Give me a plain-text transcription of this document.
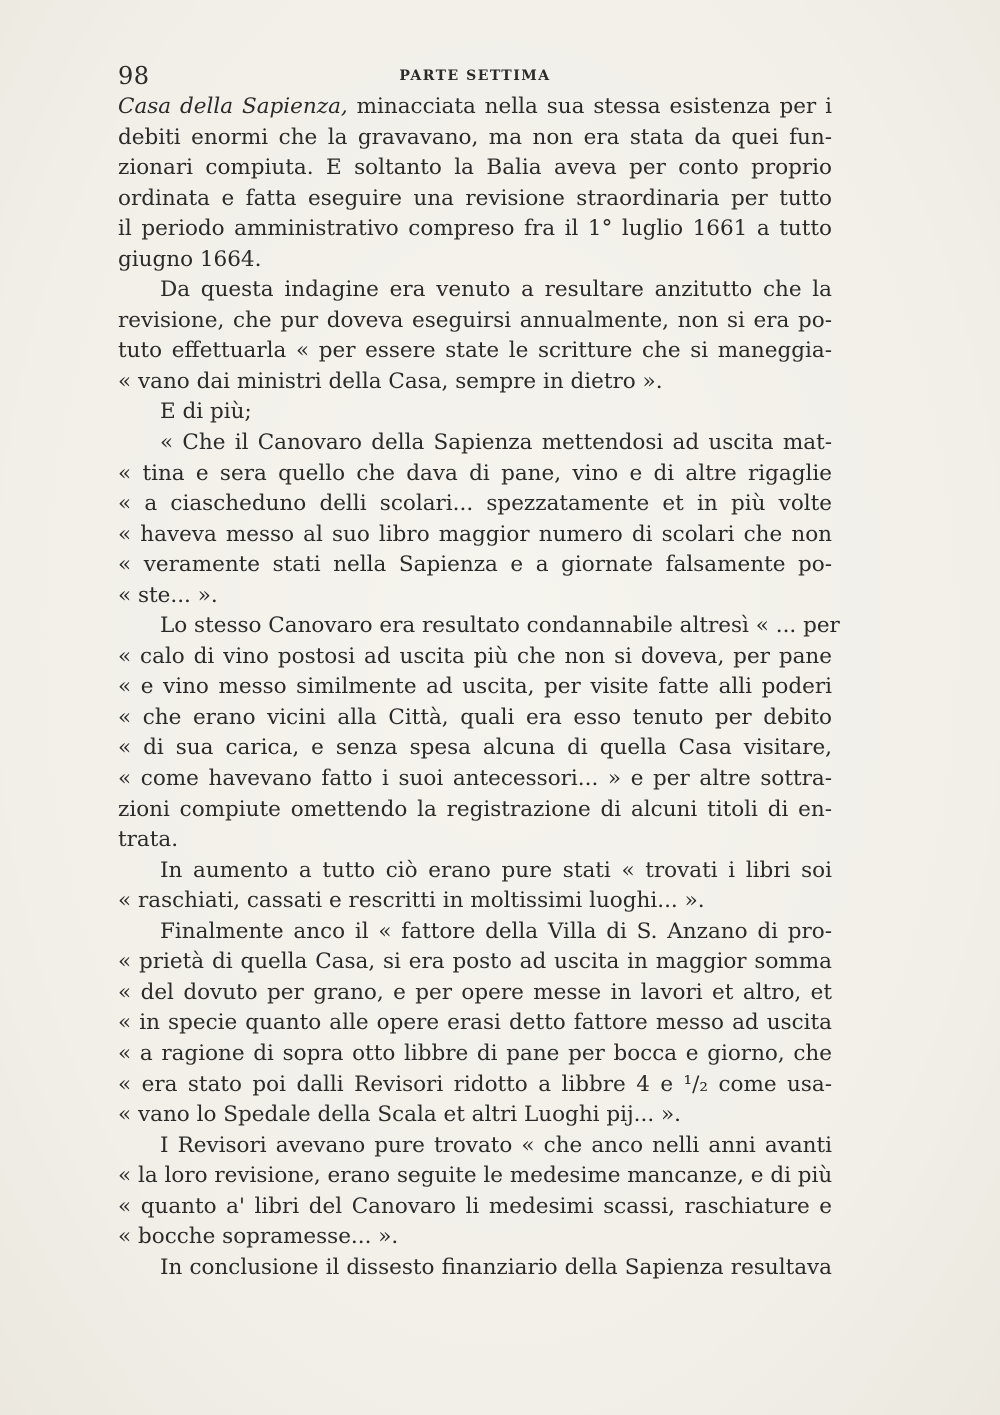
98	PARTE SETTIMA
Casa della Sapienza, minacciata nella sua stessa esistenza per i
debiti enormi che la gravavano, ma non era stata da quei fun-
zionari compiuta. E soltanto la Balia aveva per conto proprio
ordinata e fatta eseguire una revisione straordinaria per tutto
il periodo amministrativo compreso fra il 1° luglio 1661 a tutto
giugno 1664.
Da questa indagine era venuto a resultare anzitutto che la
revisione, che pur doveva eseguirsi annualmente, non si era po-
tuto effettuarla « per essere state le scritture che si maneggia-
« vano dai ministri della Casa, sempre in dietro ».
E di più;
« Che il Canovaro della Sapienza mettendosi ad uscita mat-
« tina e sera quello che dava di pane, vino e di altre rigaglie
« a ciascheduno delli scolari... spezzatamente et in più volte
« haveva messo al suo libro maggior numero di scolari che non
« veramente stati nella Sapienza e a giornate falsamente po-
« ste... ».
Lo stesso Canovaro era resultato condannabile altresì « ... per
« calo di vino postosi ad uscita più che non si doveva, per pane
« e vino messo similmente ad uscita, per visite fatte alli poderi
« che erano vicini alla Città, quali era esso tenuto per debito
« di sua carica, e senza spesa alcuna di quella Casa visitare,
« come havevano fatto i suoi antecessori... » e per altre sottra-
zioni compiute omettendo la registrazione di alcuni titoli di en-
trata.
In aumento a tutto ciò erano pure stati « trovati i libri soi
« raschiati, cassati e rescritti in moltissimi luoghi... ».
Finalmente anco il « fattore della Villa di S. Anzano di pro-
« prietà di quella Casa, si era posto ad uscita in maggior somma
« del dovuto per grano, e per opere messe in lavori et altro, et
« in specie quanto alle opere erasi detto fattore messo ad uscita
« a ragione di sopra otto libbre di pane per bocca e giorno, che
« era stato poi dalli Revisori ridotto a libbre 4 e ¹/₂ come usa-
« vano lo Spedale della Scala et altri Luoghi pij... ».
I Revisori avevano pure trovato « che anco nelli anni avanti
« la loro revisione, erano seguite le medesime mancanze, e di più
« quanto a' libri del Canovaro li medesimi scassi, raschiature e
« bocche sopramesse... ».
In conclusione il dissesto finanziario della Sapienza resultava
